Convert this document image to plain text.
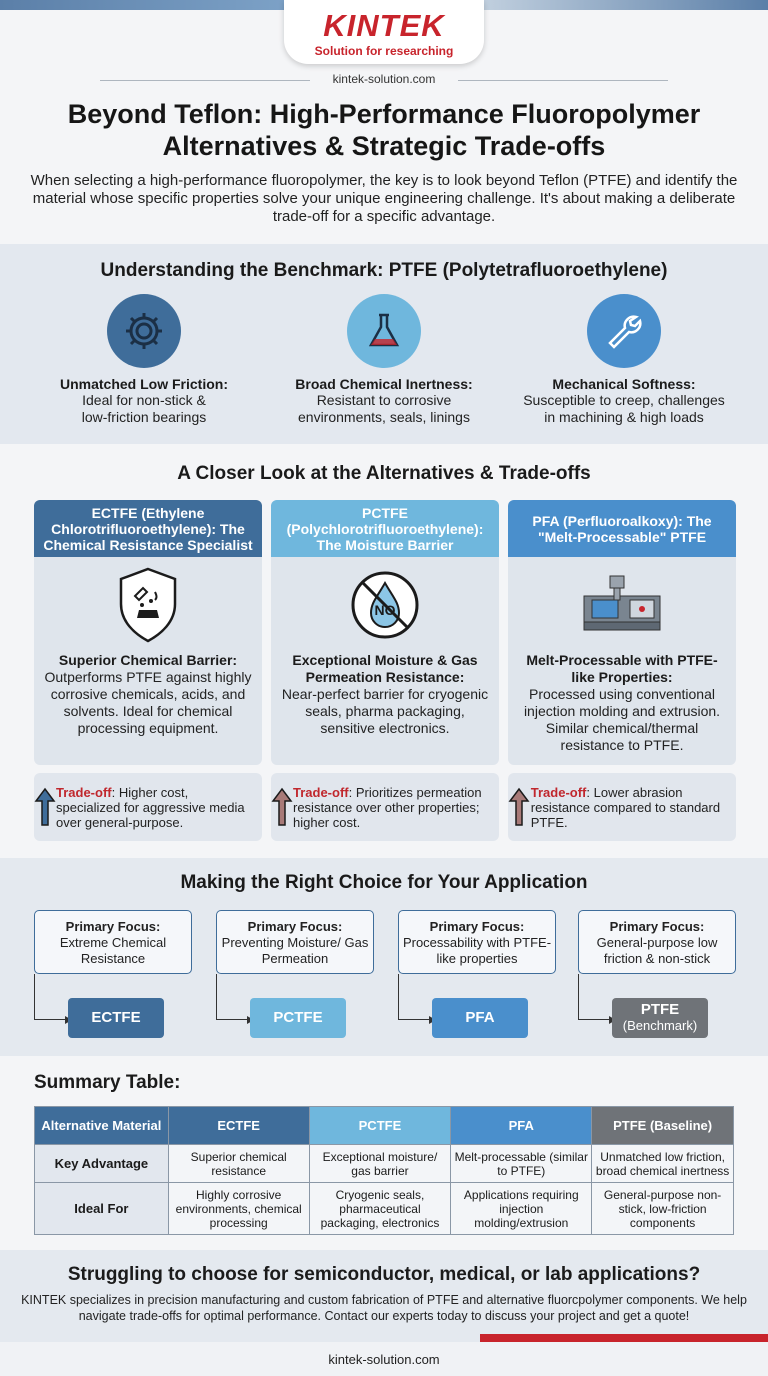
KINTEK
Solution for researching
kintek-solution.com
Beyond Teflon: High-Performance Fluoropolymer
Alternatives & Strategic Trade-offs
When selecting a high-performance fluoropolymer, the key is to look beyond Teflon (PTFE) and identify the material whose specific properties solve your unique engineering challenge. It's about making a deliberate trade-off for a specific advantage.
Understanding the Benchmark: PTFE (Polytetrafluoroethylene)
Unmatched Low Friction:
Ideal for non-stick &
low-friction bearings
Broad Chemical Inertness:
Resistant to corrosive
environments, seals, linings
Mechanical Softness:
Susceptible to creep, challenges
in machining & high loads
A Closer Look at the Alternatives & Trade-offs
ECTFE (Ethylene Chlorotrifluoroethylene): The Chemical Resistance Specialist
Superior Chemical Barrier:
Outperforms PTFE against highly corrosive chemicals, acids, and solvents. Ideal for chemical processing equipment.
PCTFE (Polychlorotrifluoroethylene): The Moisture Barrier
NO
Exceptional Moisture & Gas Permeation Resistance:
Near-perfect barrier for cryogenic seals, pharma packaging, sensitive electronics.
PFA (Perfluoroalkoxy): The "Melt-Processable" PTFE
Melt-Processable with PTFE-like Properties:
Processed using conventional injection molding and extrusion. Similar chemical/thermal resistance to PTFE.
Trade-off: Higher cost, specialized for aggressive media over general-purpose.
Trade-off: Prioritizes permeation resistance over other properties; higher cost.
Trade-off: Lower abrasion resistance compared to standard PTFE.
Making the Right Choice for Your Application
Primary Focus:
Extreme Chemical Resistance
ECTFE
Primary Focus:
Preventing Moisture/ Gas Permeation
PCTFE
Primary Focus:
Processability with PTFE-like properties
PFA
Primary Focus:
General-purpose low friction & non-stick
PTFE
(Benchmark)
Summary Table:
Alternative Material	ECTFE	PCTFE	PFA	PTFE (Baseline)
Key Advantage	Superior chemical resistance	Exceptional moisture/ gas barrier	Melt-processable (similar to PTFE)	Unmatched low friction, broad chemical inertness
Ideal For	Highly corrosive environments, chemical processing	Cryogenic seals, pharmaceutical packaging, electronics	Applications requiring injection molding/extrusion	General-purpose non-stick, low-friction components
Struggling to choose for semiconductor, medical, or lab applications?
KINTEK specializes in precision manufacturing and custom fabrication of PTFE and alternative fluorcpolymer components. We help navigate trade-offs for optimal performance. Contact our experts today to discuss your project and get a quote!
kintek-solution.com
